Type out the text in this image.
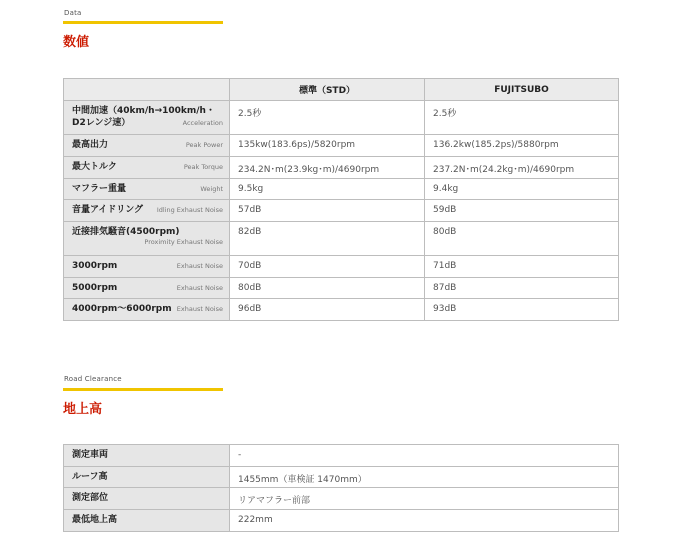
Data
数値
	標準（STD）	FUJITSUBO

中間加速（40km/h→100km/h・
D2レンジ速） Acceleration	2.5秒	2.5秒

最高出力 Peak Power	135kw(183.6ps)/5820rpm	136.2kw(185.2ps)/5880rpm

最大トルク Peak Torque	234.2N･m(23.9kg･m)/4690rpm	237.2N･m(24.2kg･m)/4690rpm

マフラー重量 Weight	9.5kg	9.4kg

音量アイドリング Idling Exhaust Noise	57dB	59dB

近接排気騒音(4500rpm)
Proximity Exhaust Noise	82dB	80dB

3000rpm Exhaust Noise	70dB	71dB

5000rpm Exhaust Noise	80dB	87dB

4000rpm〜6000rpm Exhaust Noise	96dB	93dB
Road Clearance
地上高
測定車両	-
ルーフ高	1455mm（車検証 1470mm）
測定部位	リアマフラー前部
最低地上高	222mm
